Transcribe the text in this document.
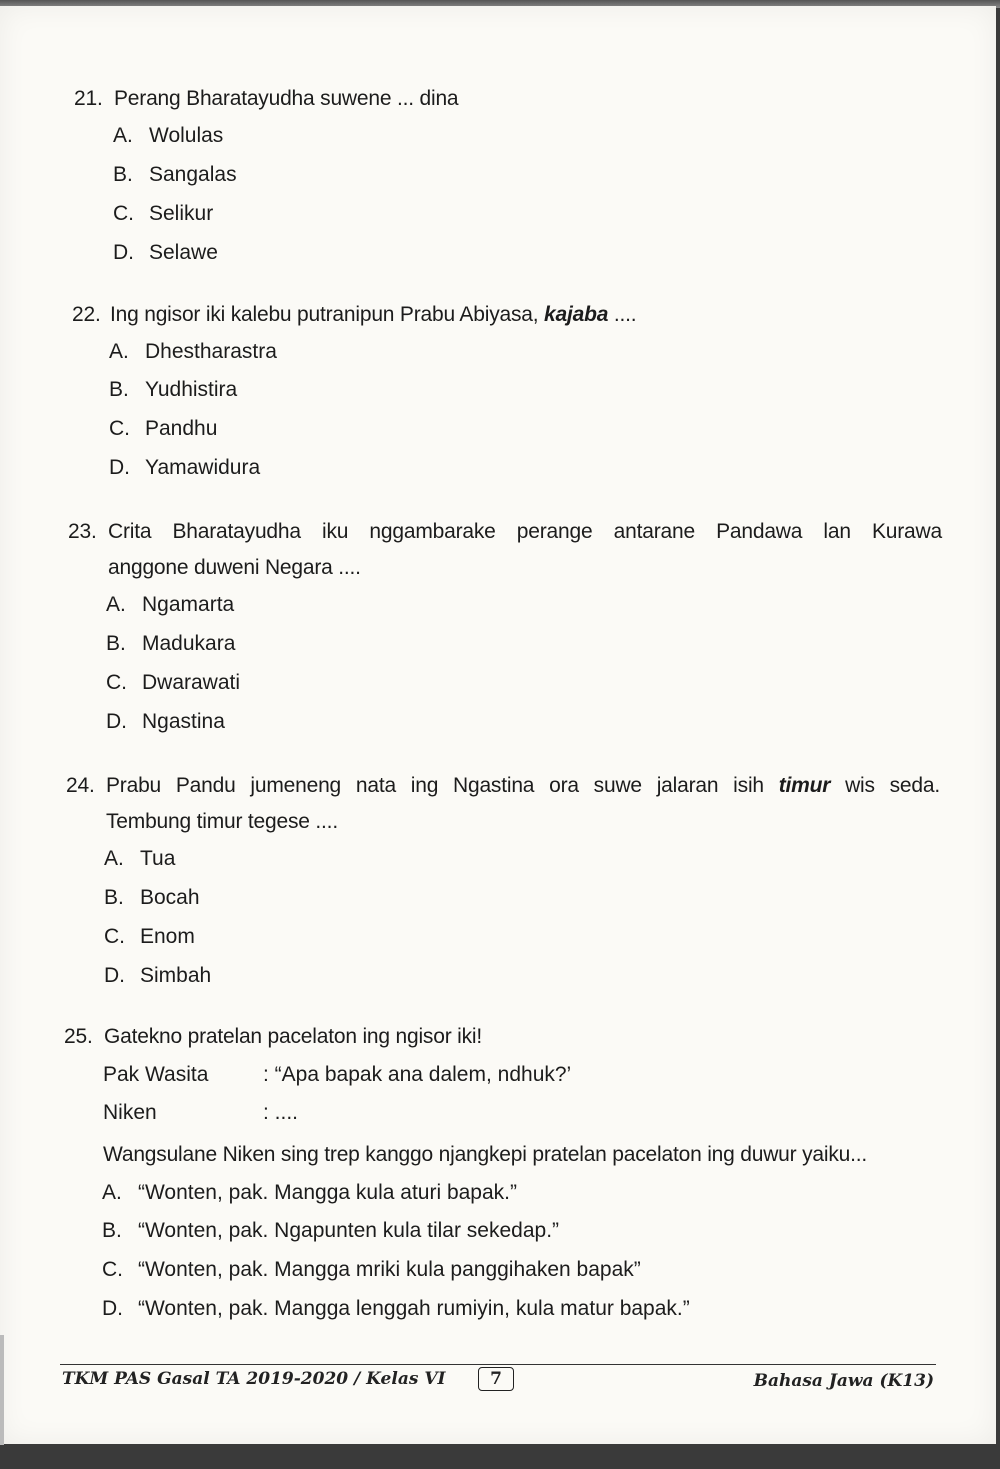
21. Perang Bharatayudha suwene ... dina
A. Wolulas
B. Sangalas
C. Selikur
D. Selawe
22. Ing ngisor iki kalebu putranipun Prabu Abiyasa, kajaba ....
A. Dhestharastra
B. Yudhistira
C. Pandhu
D. Yamawidura
23. Crita Bharatayudha iku nggambarake perange antarane Pandawa lan Kurawa
anggone duweni Negara ....
A. Ngamarta
B. Madukara
C. Dwarawati
D. Ngastina
24. Prabu Pandu jumeneng nata ing Ngastina ora suwe jalaran isih timur wis seda.
Tembung timur tegese ....
A. Tua
B. Bocah
C. Enom
D. Simbah
25. Gatekno pratelan pacelaton ing ngisor iki!
Pak Wasita	: “Apa bapak ana dalem, ndhuk?’
Niken	: ....
Wangsulane Niken sing trep kanggo njangkepi pratelan pacelaton ing duwur yaiku...
A. “Wonten, pak. Mangga kula aturi bapak.”
B. “Wonten, pak. Ngapunten kula tilar sekedap.”
C. “Wonten, pak. Mangga mriki kula panggihaken bapak”
D. “Wonten, pak. Mangga lenggah rumiyin, kula matur bapak.”
TKM PAS Gasal TA 2019-2020 / Kelas VI	7	Bahasa Jawa (K13)
